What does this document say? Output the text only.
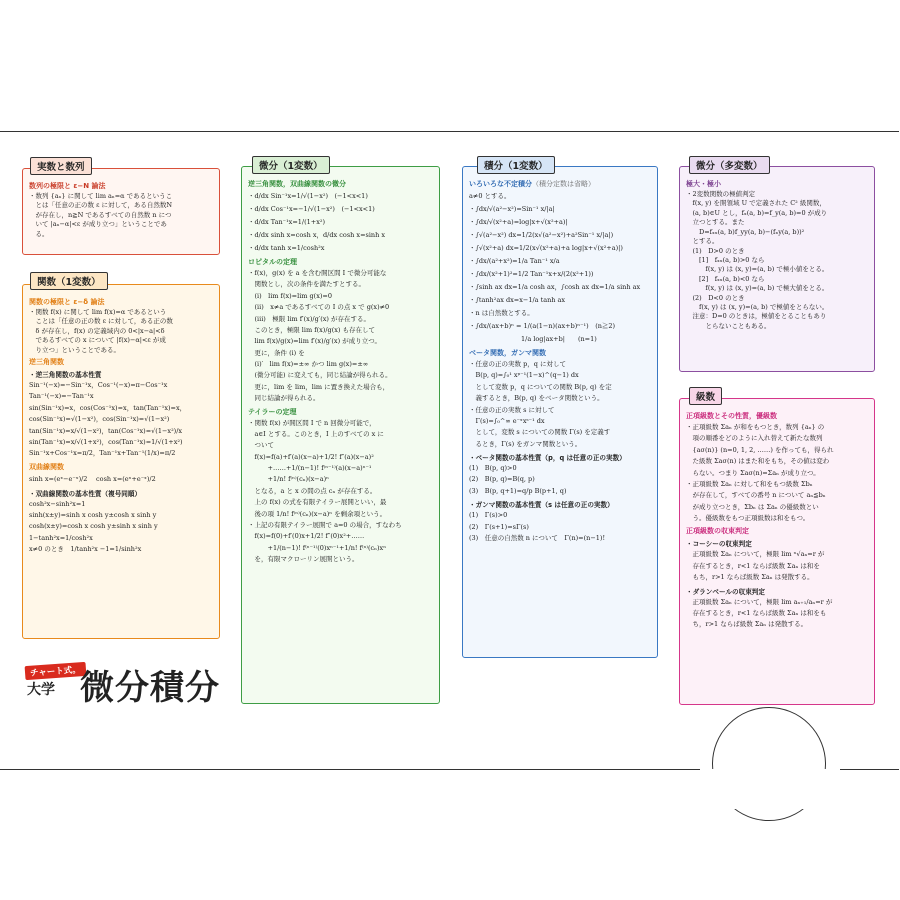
数列の極限と ε−N 論法
・数列 {aₙ} に関して lim aₙ=α であるというこ
　とは「任意の正の数 ε に対して，ある自然数N
　が存在し，n≧N であるすべての自然数 n につ
　いて |aₙ−α|<ε が成り立つ」ということであ
　る。
実数と数列
関数の極限と ε−δ 論法
・関数 f(x) に関して lim f(x)=α であるという
　ことは「任意の正の数 ε に対して，ある正の数
　δ が存在し，f(x) の定義域内の 0<|x−a|<δ
　であるすべての x について |f(x)−α|<ε が成
　り立つ」ということである。
逆三角関数
・逆三角関数の基本性質
Sin⁻¹(−x)=−Sin⁻¹x，Cos⁻¹(−x)=π−Cos⁻¹x
Tan⁻¹(−x)=−Tan⁻¹x
sin(Sin⁻¹x)=x，cos(Cos⁻¹x)=x，tan(Tan⁻¹x)=x，
cos(Sin⁻¹x)=√(1−x²)，cos(Sin⁻¹x)=√(1−x²)
tan(Sin⁻¹x)=x/√(1−x²)，tan(Cos⁻¹x)=√(1−x²)/x
sin(Tan⁻¹x)=x/√(1+x²)，cos(Tan⁻¹x)=1/√(1+x²)
Sin⁻¹x+Cos⁻¹x=π/2，Tan⁻¹x+Tan⁻¹(1/x)=π/2
双曲線関数
sinh x=(eˣ−e⁻ˣ)/2　 cosh x=(eˣ+e⁻ˣ)/2
・双曲線関数の基本性質（複号同順）
cosh²x−sinh²x=1
sinh(x±y)=sinh x cosh y±cosh x sinh y
cosh(x±y)=cosh x cosh y±sinh x sinh y
1−tanh²x=1/cosh²x
x≠0 のとき　1/tanh²x −1=1/sinh²x
関数（1変数）
逆三角関数，双曲線関数の微分
・d/dx Sin⁻¹x=1/√(1−x²)　(−1<x<1)
・d/dx Cos⁻¹x=−1/√(1−x²)　(−1<x<1)
・d/dx Tan⁻¹x=1/(1+x²)
・d/dx sinh x=cosh x，d/dx cosh x=sinh x
・d/dx tanh x=1/cosh²x
ロピタルの定理
・f(x)，g(x) を a を含む開区間 I で微分可能な
　関数とし，次の条件を満たすとする。
　(i)　lim f(x)=lim g(x)=0
　(ii)　x≠a であるすべての I の点 x で g(x)≠0
　(iii)　極限 lim f′(x)/g′(x) が存在する。
　このとき，極限 lim f(x)/g(x) も存在して
　lim f(x)/g(x)=lim f′(x)/g′(x) が成り立つ。
　更に，条件 (i) を
　(i)′　lim f(x)=±∞ かつ lim g(x)=±∞
　(微分可能) に変えても，同じ結論が得られる。
　更に，lim を lim，lim に置き換えた場合も，
　同じ結論が得られる。
テイラーの定理
・関数 f(x) が開区間 I で n 回微分可能で，
　a∈I とする。このとき，I 上のすべての x に
　ついて
　f(x)=f(a)+f′(a)(x−a)+1/2! f″(a)(x−a)²
　　　+……+1/(n−1)! f⁽ⁿ⁻¹⁾(a)(x−a)ⁿ⁻¹
　　　+1/n! f⁽ⁿ⁾(cₙ)(x−a)ⁿ
　となる，a と x の間の点 cₙ が存在する。
　上の f(x) の式を有限テイラー展開といい，最
　後の項 1/n! f⁽ⁿ⁾(cₙ)(x−a)ⁿ を剰余項という。
・上記の有限テイラー展開で a=0 の場合，すなわち
　f(x)=f(0)+f′(0)x+1/2! f″(0)x²+……
　　　+1/(n−1)! f⁽ⁿ⁻¹⁾(0)xⁿ⁻¹+1/n! f⁽ⁿ⁾(cₙ)xⁿ
　を，有限マクローリン展開という。
微分（1変数）
いろいろな不定積分（積分定数は省略）
a≠0 とする。
・∫dx/√(a²−x²)=Sin⁻¹ x/|a|
・∫dx/√(x²+a)=log|x+√(x²+a)|
・∫√(a²−x²) dx=1/2(x√(a²−x²)+a²Sin⁻¹ x/|a|)
・∫√(x²+a) dx=1/2(x√(x²+a)+a log|x+√(x²+a)|)
・∫dx/(a²+x²)=1/a Tan⁻¹ x/a
・∫dx/(x²+1)²=1/2 Tan⁻¹x+x/(2(x²+1))
・∫sinh ax dx=1/a cosh ax，∫cosh ax dx=1/a sinh ax
・∫tanh²ax dx=x−1/a tanh ax
・n は自然数とする。
・∫dx/(ax+b)ⁿ = 1/(a(1−n)(ax+b)ⁿ⁻¹)　(n≧2)
　　　　　　　　1/a log|ax+b|　　(n=1)
ベータ関数，ガンマ関数
・任意の正の実数 p，q に対して
　B(p, q)=∫₀¹ xᵖ⁻¹(1−x)^(q−1) dx
　として変数 p，q についての関数 B(p, q) を定
　義するとき，B(p, q) をベータ関数という。
・任意の正の実数 s に対して
　Γ(s)=∫₀^∞ e⁻ˣxˢ⁻¹ dx
　として，変数 s についての関数 Γ(s) を定義す
　るとき，Γ(s) をガンマ関数という。
・ベータ関数の基本性質（p，q は任意の正の実数）
(1)　B(p, q)>0
(2)　B(p, q)=B(q, p)
(3)　B(p, q+1)=q/p B(p+1, q)
・ガンマ関数の基本性質（s は任意の正の実数）
(1)　Γ(s)>0
(2)　Γ(s+1)=sΓ(s)
(3)　任意の自然数 n について　Γ(n)=(n−1)!
積分（1変数）
極大・極小
・2変数関数の極値判定
　f(x, y) を開領域 U で定義された C² 級関数，
　(a, b)∈U とし，fₓ(a, b)=f_y(a, b)=0 が成り
　立つとする。また
　　D=fₓₓ(a, b)f_yy(a, b)−(fₓy(a, b))²
　とする。
　(1)　D>0 のとき
　　[1]　fₓₓ(a, b)>0 なら
　　　f(x, y) は (x, y)=(a, b) で極小値をとる。
　　[2]　fₓₓ(a, b)<0 なら
　　　f(x, y) は (x, y)=(a, b) で極大値をとる。
　(2)　D<0 のとき
　　f(x, y) は (x, y)=(a, b) で極値をとらない。
　注意：D=0 のときは，極値をとることもあり
　　　とらないこともある。
微分（多変数）
正項級数とその性質，優級数
・正項級数 Σaₙ が和をもつとき，数列 {aₙ} の
　項の順番をどのように入れ替えて新たな数列
　{aσ(n)} (n=0, 1, 2, ……) を作っても，得られ
　た級数 Σaσ(n) はまた和をもち，その値は変わ
　らない。つまり Σaσ(n)=Σaₙ が成り立つ。
・正項級数 Σaₙ に対して和をもつ級数 Σbₙ
　が存在して，すべての番号 n について aₙ≦bₙ
　が成り立つとき，Σbₙ は Σaₙ の優級数とい
　う。優級数をもつ正項級数は和をもつ。
正項級数の収束判定
・コーシーの収束判定
　正項級数 Σaₙ について，極限 lim ⁿ√aₙ=r が
　存在するとき，r<1 ならば級数 Σaₙ は和を
　もち，r>1 ならば級数 Σaₙ は発散する。
・ダランベールの収束判定
　正項級数 Σaₙ について，極限 lim aₙ₊₁/aₙ=r が
　存在するとき，r<1 ならば級数 Σaₙ は和をも
　ち，r>1 ならば級数 Σaₙ は発散する。
級数
チャート式。
大学 微分積分
